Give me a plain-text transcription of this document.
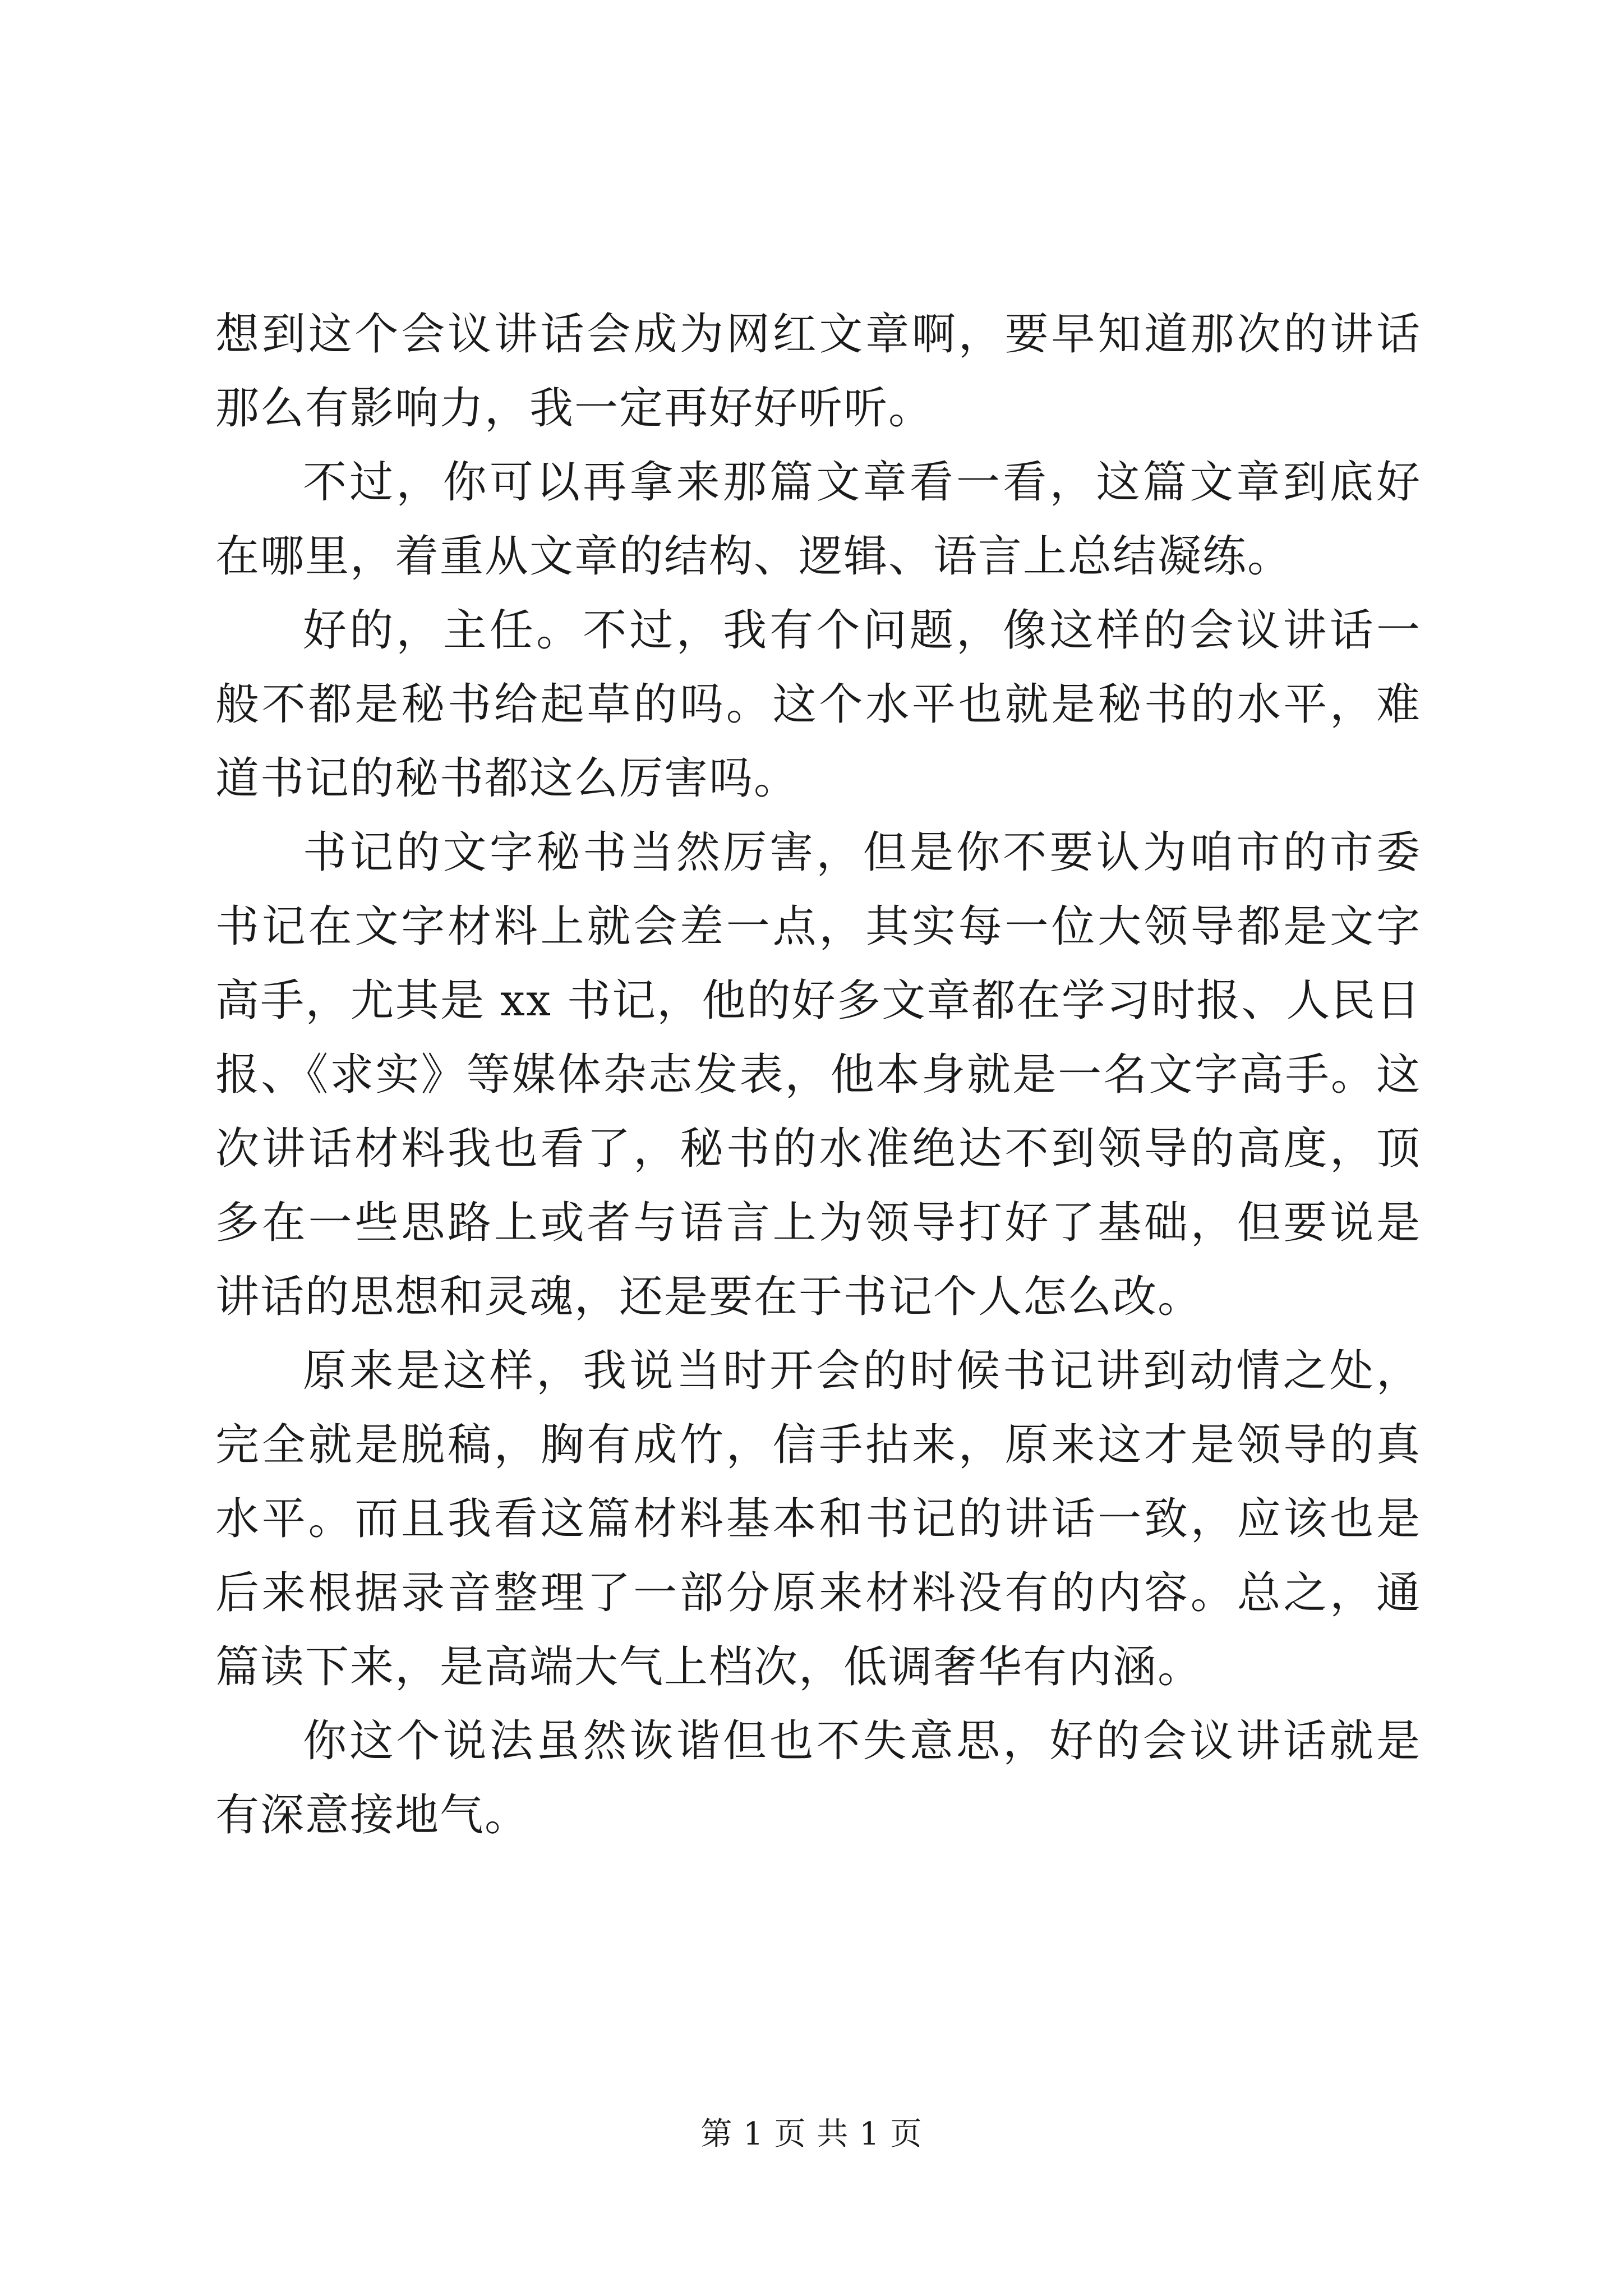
想到这个会议讲话会成为网红文章啊，要早知道那次的讲话那么有影响力，我一定再好好听听。

不过，你可以再拿来那篇文章看一看，这篇文章到底好在哪里，着重从文章的结构、逻辑、语言上总结凝练。

好的，主任。不过，我有个问题，像这样的会议讲话一般不都是秘书给起草的吗。这个水平也就是秘书的水平，难道书记的秘书都这么厉害吗。

书记的文字秘书当然厉害，但是你不要认为咱市的市委书记在文字材料上就会差一点，其实每一位大领导都是文字高手，尤其是 xx 书记，他的好多文章都在学习时报、人民日报、《求实》等媒体杂志发表，他本身就是一名文字高手。这次讲话材料我也看了，秘书的水准绝达不到领导的高度，顶多在一些思路上或者与语言上为领导打好了基础，但要说是讲话的思想和灵魂，还是要在于书记个人怎么改。

原来是这样，我说当时开会的时候书记讲到动情之处，完全就是脱稿，胸有成竹，信手拈来，原来这才是领导的真水平。而且我看这篇材料基本和书记的讲话一致，应该也是后来根据录音整理了一部分原来材料没有的内容。总之，通篇读下来，是高端大气上档次，低调奢华有内涵。

你这个说法虽然诙谐但也不失意思，好的会议讲话就是有深意接地气。

第 1 页 共 1 页
